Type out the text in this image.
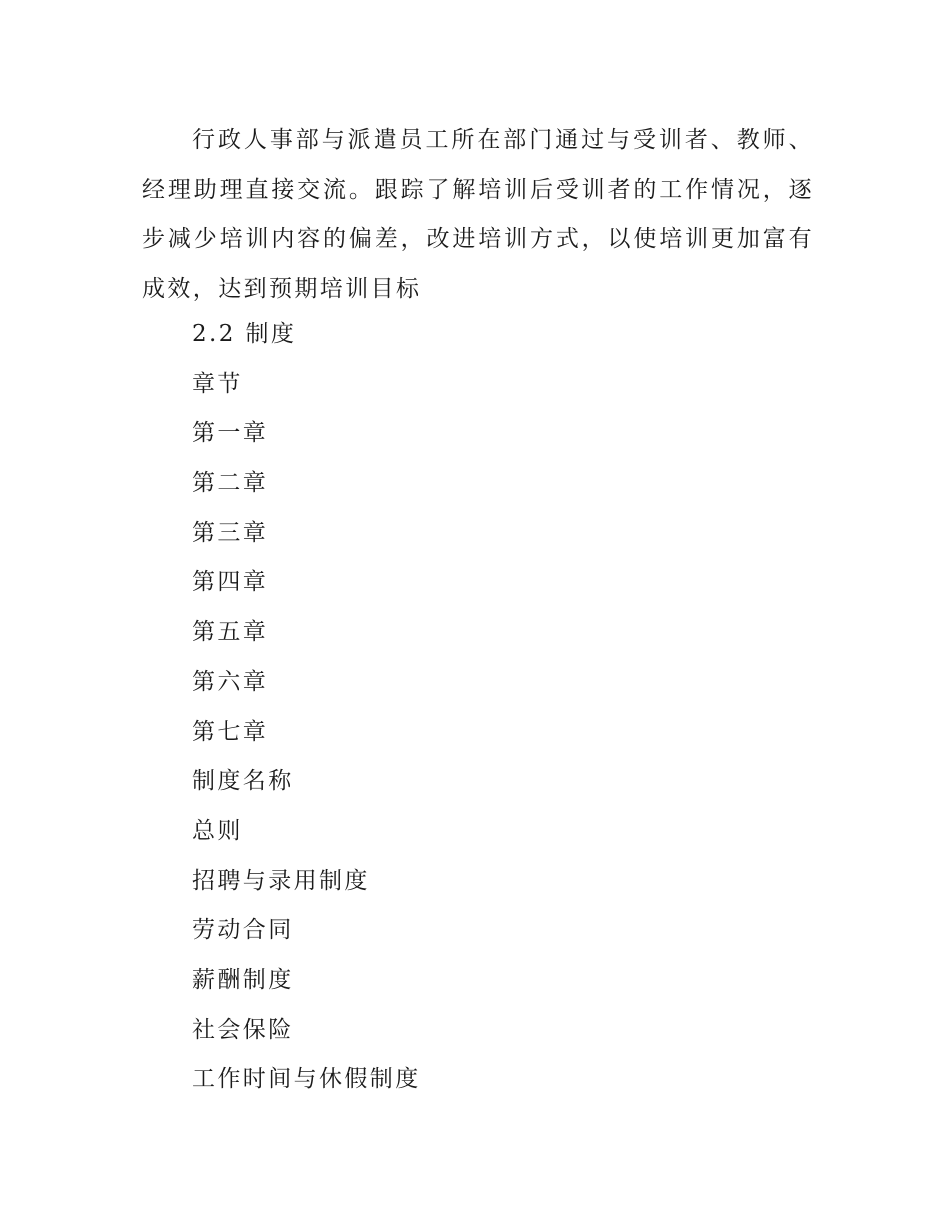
行政人事部与派遣员工所在部门通过与受训者、教师、经理助理直接交流。跟踪了解培训后受训者的工作情况，逐步减少培训内容的偏差，改进培训方式，以使培训更加富有成效，达到预期培训目标

2.2 制度
章节
第一章
第二章
第三章
第四章
第五章
第六章
第七章
制度名称
总则
招聘与录用制度
劳动合同
薪酬制度
社会保险
工作时间与休假制度
